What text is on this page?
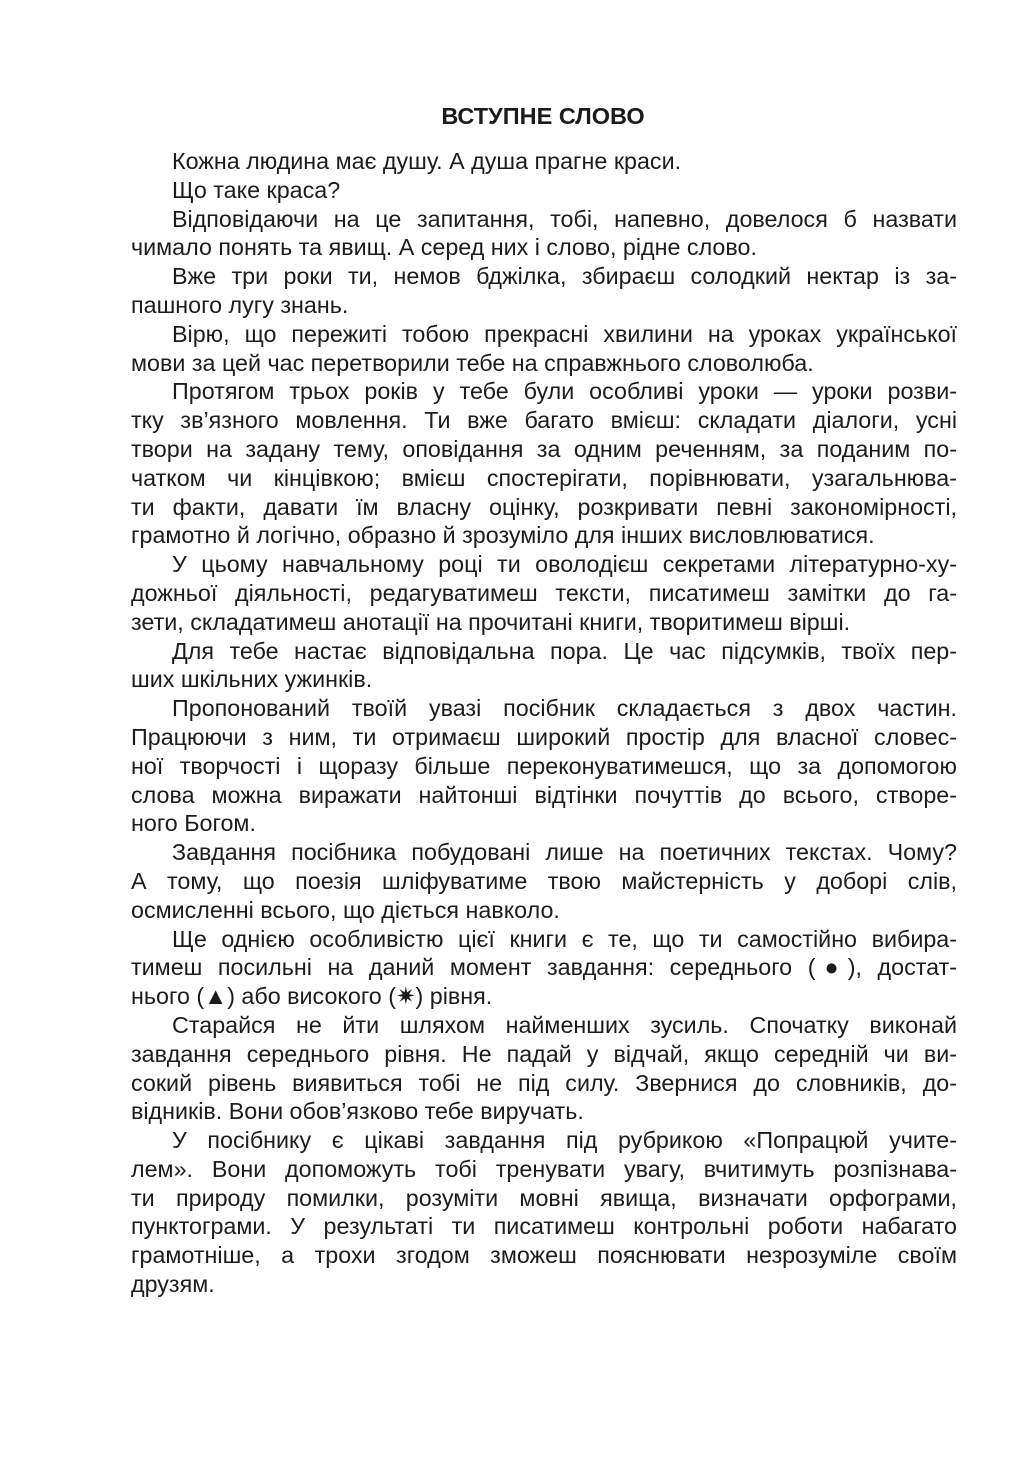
ВСТУПНЕ СЛОВО
Кожна людина має душу. А душа прагне краси.
Що таке краса?
Відповідаючи на це запитання, тобі, напевно, довелося б назвати
чимало понять та явищ. А серед них і слово, рідне слово.
Вже три роки ти, немов бджілка, збираєш солодкий нектар із за-
пашного лугу знань.
Вірю, що пережиті тобою прекрасні хвилини на уроках української
мови за цей час перетворили тебе на справжнього словолюба.
Протягом трьох років у тебе були особливі уроки — уроки розви-
тку зв’язного мовлення. Ти вже багато вмієш: складати діалоги, усні
твори на задану тему, оповідання за одним реченням, за поданим по-
чатком чи кінцівкою; вмієш спостерігати, порівнювати, узагальнюва-
ти факти, давати їм власну оцінку, розкривати певні закономірності,
грамотно й логічно, образно й зрозуміло для інших висловлюватися.
У цьому навчальному році ти оволодієш секретами літературно-ху-
дожньої діяльності, редагуватимеш тексти, писатимеш замітки до га-
зети, складатимеш анотації на прочитані книги, творитимеш вірші.
Для тебе настає відповідальна пора. Це час підсумків, твоїх пер-
ших шкільних ужинків.
Пропонований твоїй увазі посібник складається з двох частин.
Працюючи з ним, ти отримаєш широкий простір для власної словес-
ної творчості і щоразу більше переконуватимешся, що за допомогою
слова можна виражати найтонші відтінки почуттів до всього, створе-
ного Богом.
Завдання посібника побудовані лише на поетичних текстах. Чому?
А тому, що поезія шліфуватиме твою майстерність у доборі слів,
осмисленні всього, що діється навколо.
Ще однією особливістю цієї книги є те, що ти самостійно вибира-
тимеш посильні на даний момент завдання: середнього (●), достат-
нього (▲) або високого (✷) рівня.
Старайся не йти шляхом найменших зусиль. Спочатку виконай
завдання середнього рівня. Не падай у відчай, якщо середній чи ви-
сокий рівень виявиться тобі не під силу. Звернися до словників, до-
відників. Вони обов’язково тебе виручать.
У посібнику є цікаві завдання під рубрикою «Попрацюй учите-
лем». Вони допоможуть тобі тренувати увагу, вчитимуть розпізнава-
ти природу помилки, розуміти мовні явища, визначати орфограми,
пунктограми. У результаті ти писатимеш контрольні роботи набагато
грамотніше, а трохи згодом зможеш пояснювати незрозуміле своїм
друзям.
